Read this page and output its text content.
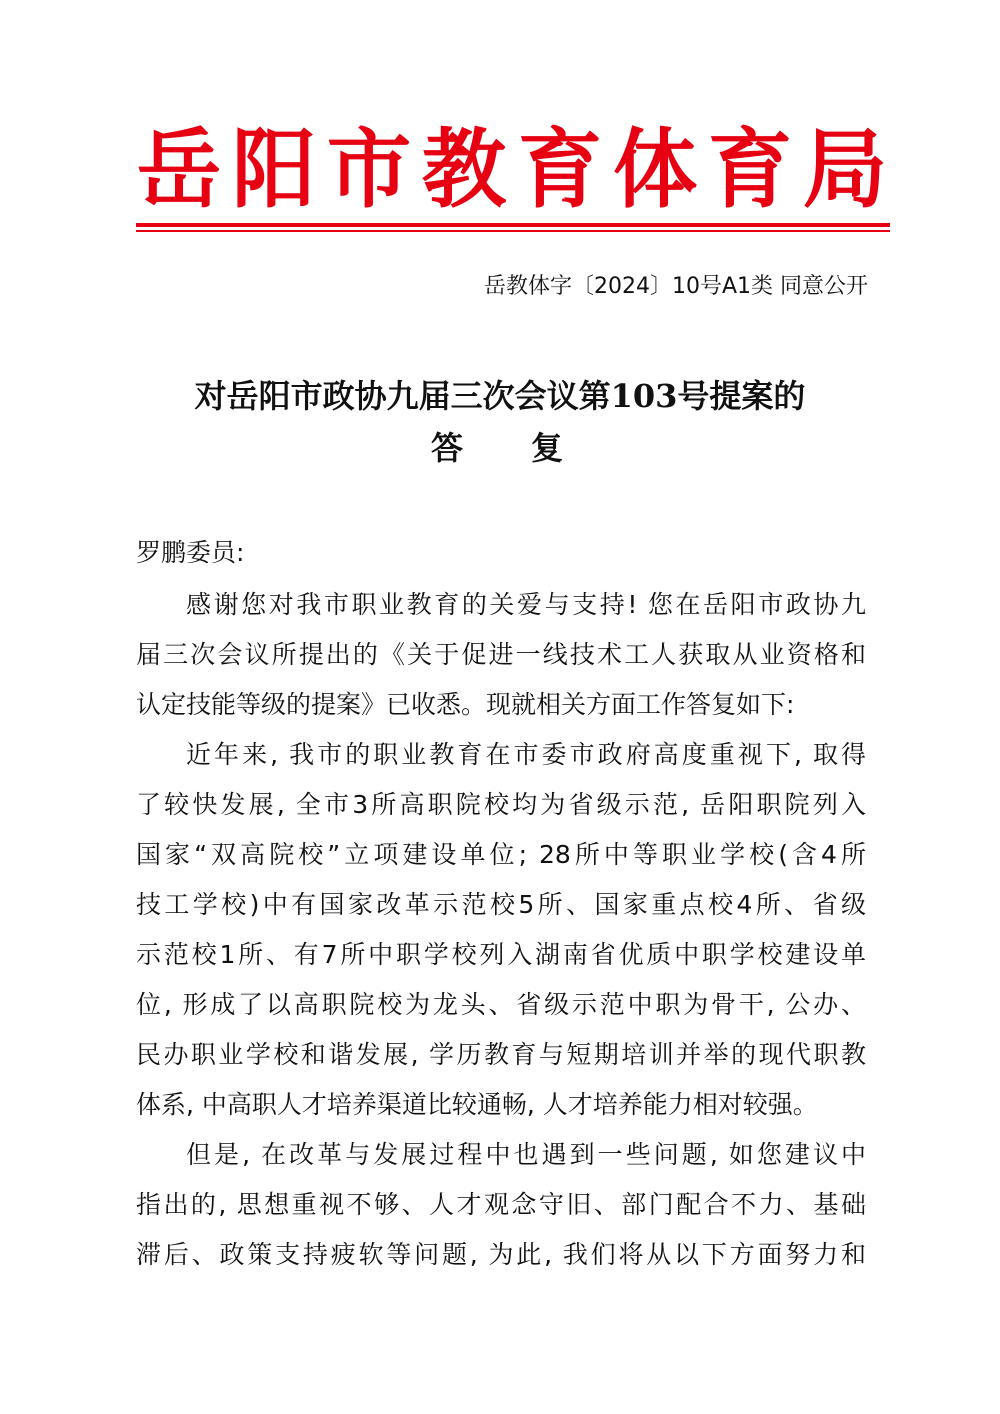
岳 阳 市 教 育 体 育 局
岳教体字〔2024〕10号A1类 同意公开
对岳阳市政协九届三次会议第103号提案的
答 复
罗鹏委员:
感谢您对我市职业教育的关爱与支持! 您在岳阳市政协九
届三次会议所提出的《关于促进一线技术工人获取从业资格和
认定技能等级的提案》已收悉。现就相关方面工作答复如下:
近年来, 我市的职业教育在市委市政府高度重视下, 取得
了较快发展, 全市3所高职院校均为省级示范, 岳阳职院列入
国家“双高院校”立项建设单位; 28所中等职业学校(含4所
技工学校)中有国家改革示范校5所、国家重点校4所、省级
示范校1所、有7所中职学校列入湖南省优质中职学校建设单
位, 形成了以高职院校为龙头、省级示范中职为骨干, 公办、
民办职业学校和谐发展, 学历教育与短期培训并举的现代职教
体系, 中高职人才培养渠道比较通畅, 人才培养能力相对较强。
但是, 在改革与发展过程中也遇到一些问题, 如您建议中
指出的, 思想重视不够、人才观念守旧、部门配合不力、基础
滞后、政策支持疲软等问题, 为此, 我们将从以下方面努力和
